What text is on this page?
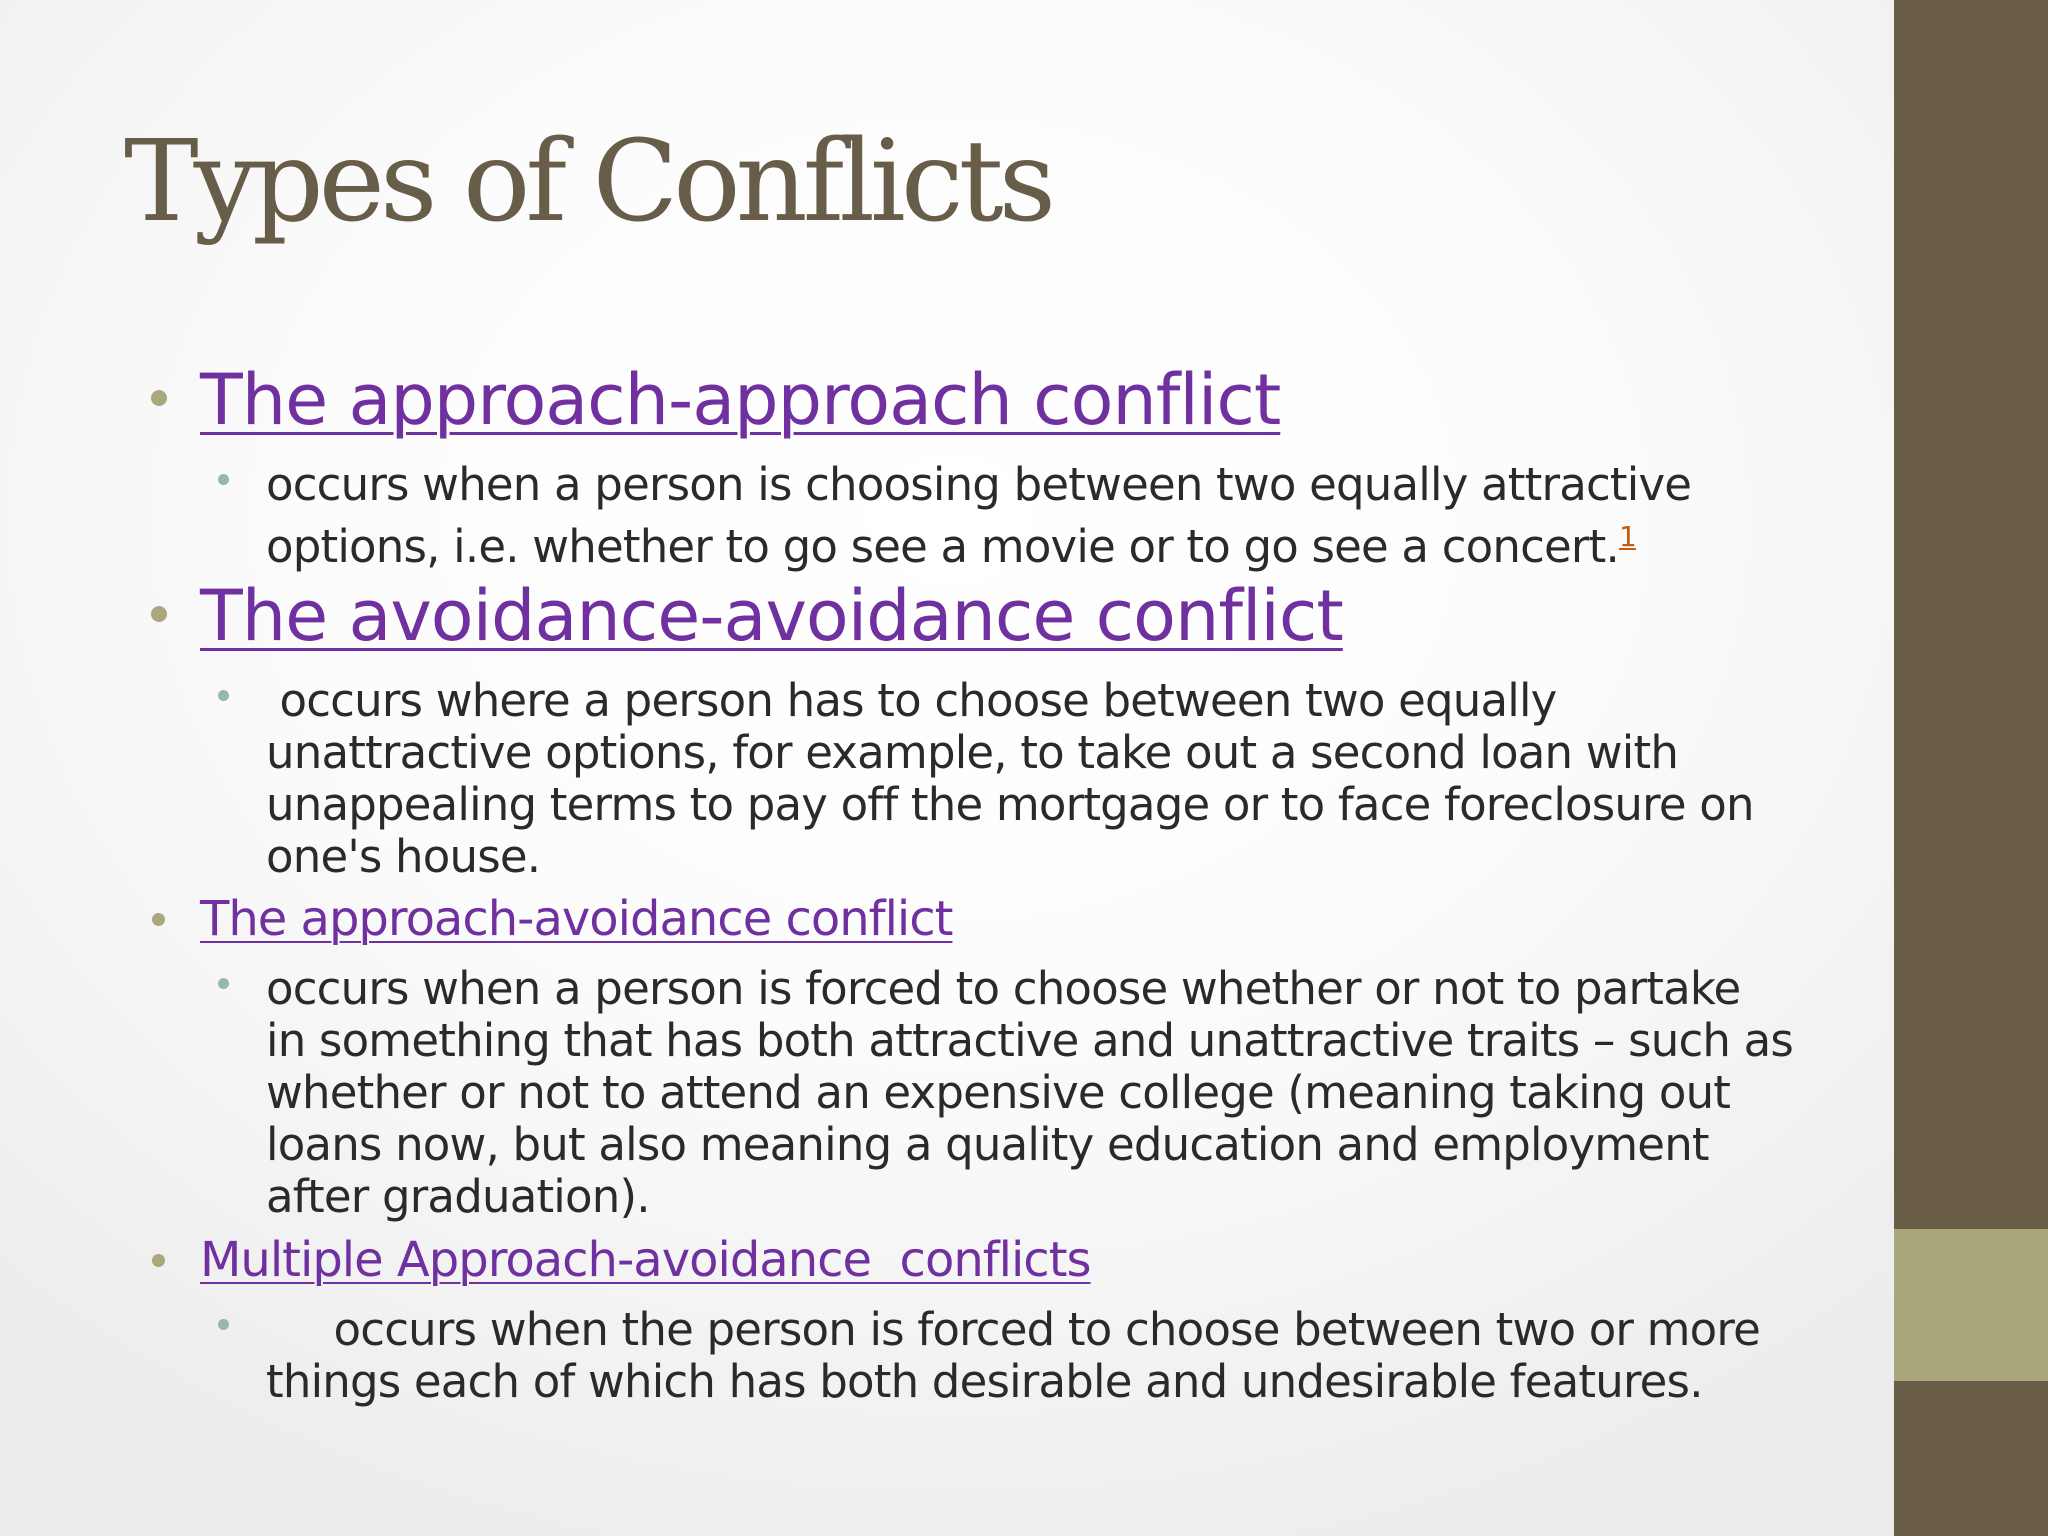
Types of Conflicts
The approach-approach conflict

occurs when a person is choosing between two equally attractive
options, i.e. whether to go see a movie or to go see a concert.$^1$

The avoidance-avoidance conflict

occurs where a person has to choose between two equally
unattractive options, for example, to take out a second loan with
unappealing terms to pay off the mortgage or to face foreclosure on
one's house.

The approach-avoidance conflict

occurs when a person is forced to choose whether or not to partake
in something that has both attractive and unattractive traits – such as
whether or not to attend an expensive college (meaning taking out
loans now, but also meaning a quality education and employment
after graduation).

Multiple Approach-avoidance  conflicts

occurs when the person is forced to choose between two or more
things each of which has both desirable and undesirable features.
